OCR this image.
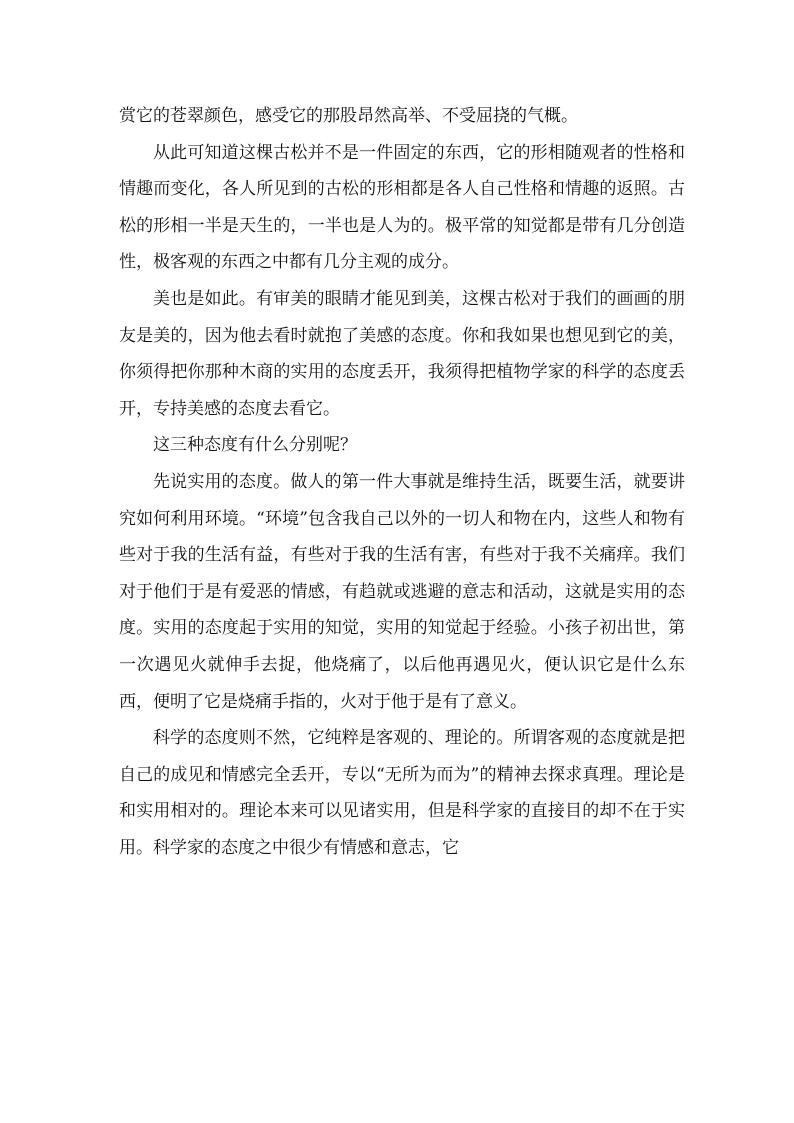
赏它的苍翠颜色，感受它的那股昂然高举、不受屈挠的气概。

从此可知道这棵古松并不是一件固定的东西，它的形相随观者的性格和情趣而变化，各人所见到的古松的形相都是各人自己性格和情趣的返照。古松的形相一半是天生的，一半也是人为的。极平常的知觉都是带有几分创造性，极客观的东西之中都有几分主观的成分。

美也是如此。有审美的眼睛才能见到美，这棵古松对于我们的画画的朋友是美的，因为他去看时就抱了美感的态度。你和我如果也想见到它的美，你须得把你那种木商的实用的态度丢开，我须得把植物学家的科学的态度丢开，专持美感的态度去看它。

这三种态度有什么分别呢？

先说实用的态度。做人的第一件大事就是维持生活，既要生活，就要讲究如何利用环境。“环境”包含我自己以外的一切人和物在内，这些人和物有些对于我的生活有益，有些对于我的生活有害，有些对于我不关痛痒。我们对于他们于是有爱恶的情感，有趋就或逃避的意志和活动，这就是实用的态度。实用的态度起于实用的知觉，实用的知觉起于经验。小孩子初出世，第一次遇见火就伸手去捉，他烧痛了，以后他再遇见火，便认识它是什么东西，便明了它是烧痛手指的，火对于他于是有了意义。

科学的态度则不然，它纯粹是客观的、理论的。所谓客观的态度就是把自己的成见和情感完全丢开，专以“无所为而为”的精神去探求真理。理论是和实用相对的。理论本来可以见诸实用，但是科学家的直接目的却不在于实用。科学家的态度之中很少有情感和意志，它
